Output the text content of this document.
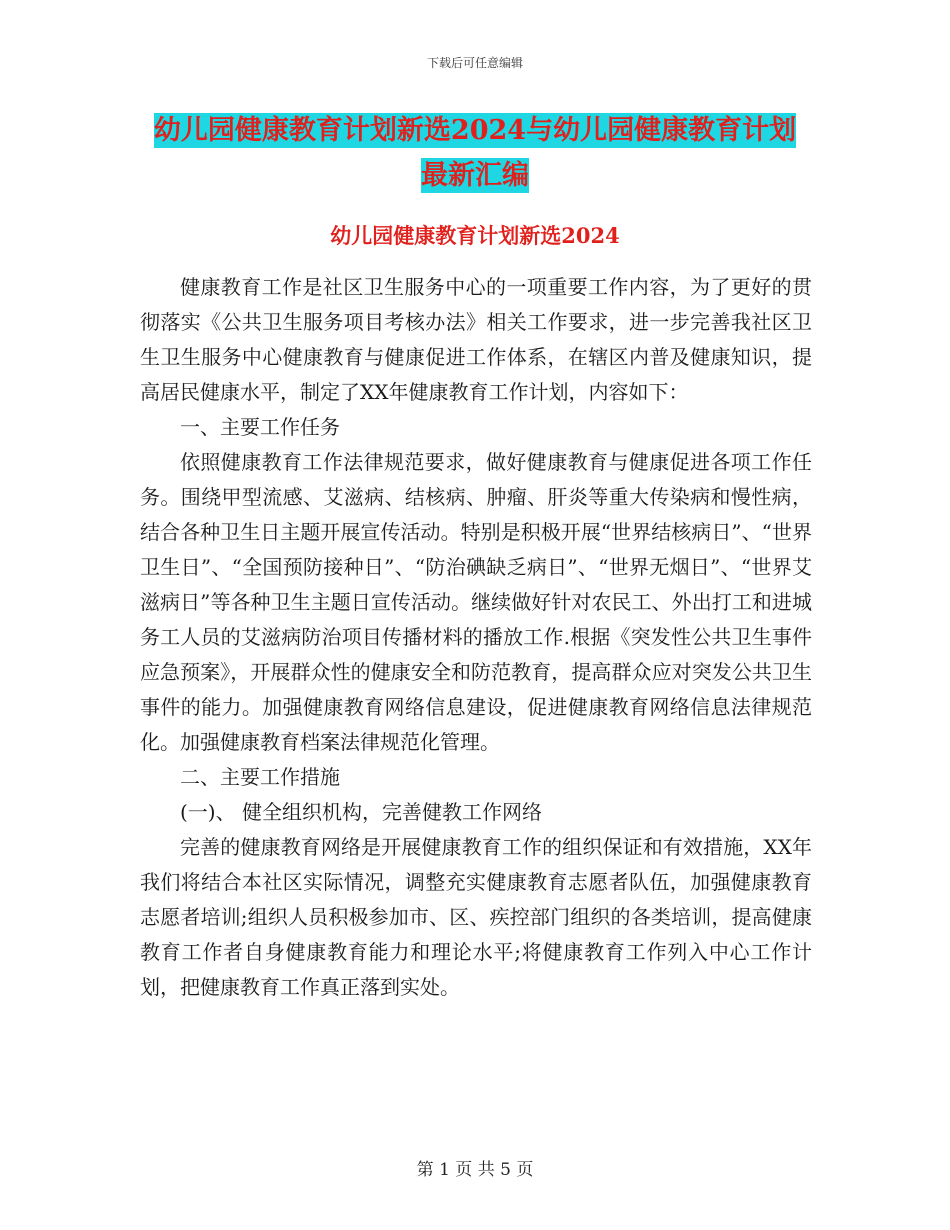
下载后可任意编辑
幼儿园健康教育计划新选2024与幼儿园健康教育计划
最新汇编
幼儿园健康教育计划新选2024

健康教育工作是社区卫生服务中心的一项重要工作内容，为了更好的贯彻落实《公共卫生服务项目考核办法》相关工作要求，进一步完善我社区卫生卫生服务中心健康教育与健康促进工作体系，在辖区内普及健康知识，提高居民健康水平，制定了XX年健康教育工作计划，内容如下：

一、主要工作任务

依照健康教育工作法律规范要求，做好健康教育与健康促进各项工作任务。围绕甲型流感、艾滋病、结核病、肿瘤、肝炎等重大传染病和慢性病，结合各种卫生日主题开展宣传活动。特别是积极开展“世界结核病日”、“世界卫生日”、“全国预防接种日”、“防治碘缺乏病日”、“世界无烟日”、“世界艾滋病日”等各种卫生主题日宣传活动。继续做好针对农民工、外出打工和进城务工人员的艾滋病防治项目传播材料的播放工作.根据《突发性公共卫生事件应急预案》，开展群众性的健康安全和防范教育，提高群众应对突发公共卫生事件的能力。加强健康教育网络信息建设，促进健康教育网络信息法律规范化。加强健康教育档案法律规范化管理。

二、主要工作措施

(一)、 健全组织机构，完善健教工作网络

完善的健康教育网络是开展健康教育工作的组织保证和有效措施，XX年我们将结合本社区实际情况，调整充实健康教育志愿者队伍，加强健康教育志愿者培训;组织人员积极参加市、区、疾控部门组织的各类培训，提高健康教育工作者自身健康教育能力和理论水平;将健康教育工作列入中心工作计划，把健康教育工作真正落到实处。

第 1 页 共 5 页
